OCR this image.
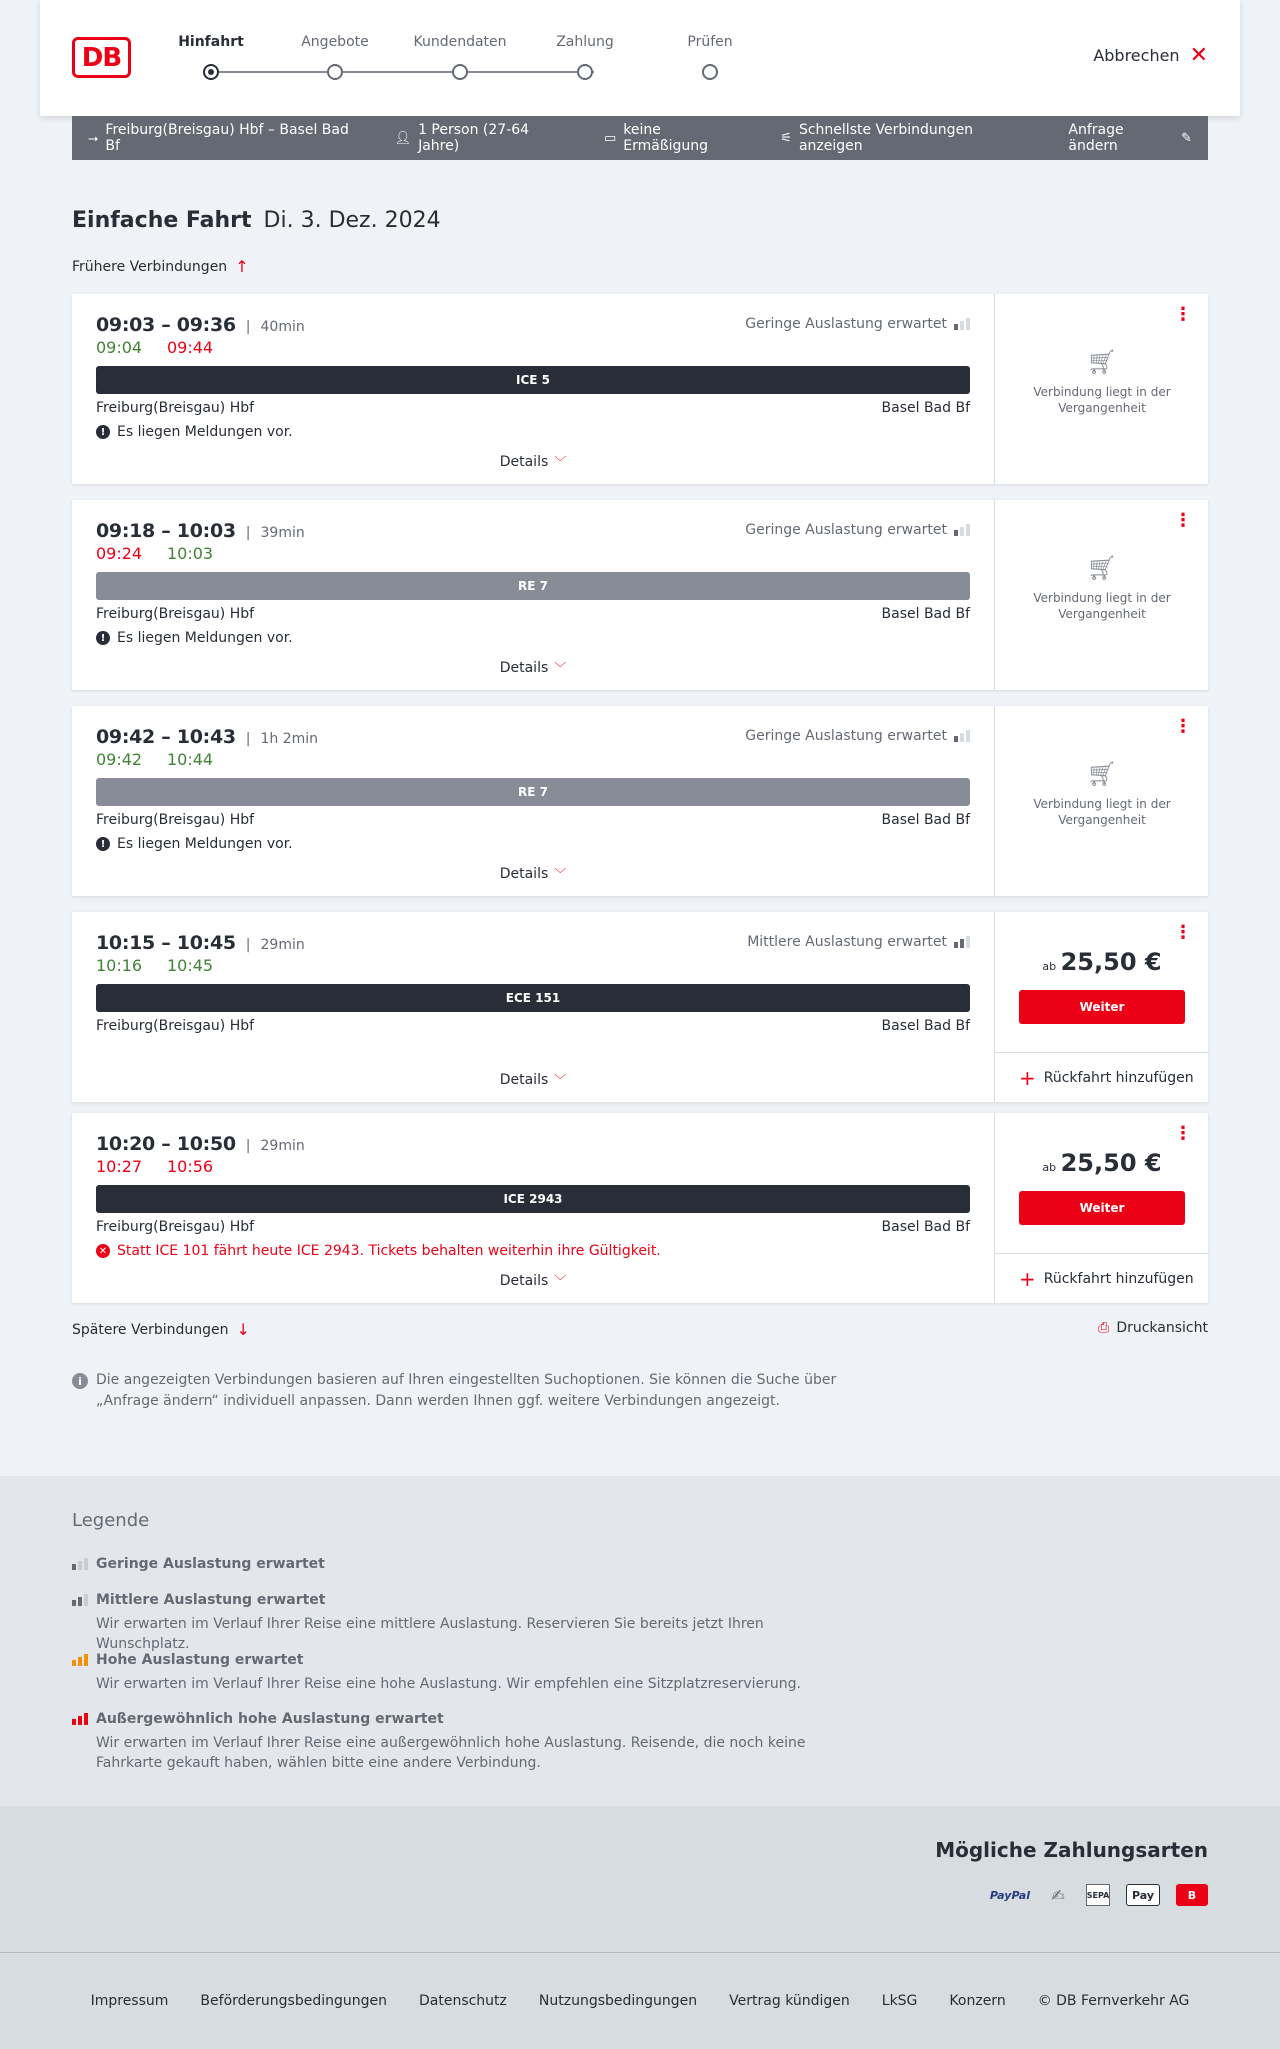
DB
Hinfahrt	Angebote	Kundendaten	Zahlung	Prüfen
Abbrechen ✕
⭢ Freiburg(Breisgau) Hbf – Basel Bad Bf	👤︎ 1 Person (27-64 Jahre)	▭ keine Ermäßigung	⚟ Schnellste Verbindungen anzeigen
Anfrage ändern	✎
Einfache Fahrt Di. 3. Dez. 2024
Frühere Verbindungen ↑
09:03 – 09:36 | 40min
09:04 09:44
Geringe Auslastung erwartet
ICE 5
Freiburg(Breisgau) Hbf	Basel Bad Bf
! Es liegen Meldungen vor.
Details ﹀
⋮
🛒︎
Verbindung liegt in der Vergangenheit
09:18 – 10:03 | 39min
09:24 10:03
Geringe Auslastung erwartet
RE 7
Freiburg(Breisgau) Hbf	Basel Bad Bf
! Es liegen Meldungen vor.
Details ﹀
⋮
🛒︎
Verbindung liegt in der Vergangenheit
09:42 – 10:43 | 1h 2min
09:42 10:44
Geringe Auslastung erwartet
RE 7
Freiburg(Breisgau) Hbf	Basel Bad Bf
! Es liegen Meldungen vor.
Details ﹀
⋮
🛒︎
Verbindung liegt in der Vergangenheit
10:15 – 10:45 | 29min
10:16 10:45
Mittlere Auslastung erwartet
ECE 151
Freiburg(Breisgau) Hbf	Basel Bad Bf
Details ﹀
⋮
ab 25,50 €
Weiter
+ Rückfahrt hinzufügen
10:20 – 10:50 | 29min
10:27 10:56
ICE 2943
Freiburg(Breisgau) Hbf	Basel Bad Bf
✕ Statt ICE 101 fährt heute ICE 2943. Tickets behalten weiterhin ihre Gültigkeit.
Details ﹀
⋮
ab 25,50 €
Weiter
+ Rückfahrt hinzufügen
Spätere Verbindungen ↓	⎙ Druckansicht
i	Die angezeigten Verbindungen basieren auf Ihren eingestellten Suchoptionen. Sie können die Suche über „Anfrage ändern“ individuell anpassen. Dann werden Ihnen ggf. weitere Verbindungen angezeigt.
Legende
Geringe Auslastung erwartet
Mittlere Auslastung erwartet
Wir erwarten im Verlauf Ihrer Reise eine mittlere Auslastung. Reservieren Sie bereits jetzt Ihren Wunschplatz.
Hohe Auslastung erwartet
Wir erwarten im Verlauf Ihrer Reise eine hohe Auslastung. Wir empfehlen eine Sitzplatzreservierung.
Außergewöhnlich hohe Auslastung erwartet
Wir erwarten im Verlauf Ihrer Reise eine außergewöhnlich hohe Auslastung. Reisende, die noch keine Fahrkarte gekauft haben, wählen bitte eine andere Verbindung.
Mögliche Zahlungsarten
PayPal	✍	SEPA	Pay	B
Impressum Beförderungsbedingungen Datenschutz Nutzungsbedingungen Vertrag kündigen LkSG Konzern © DB Fernverkehr AG
